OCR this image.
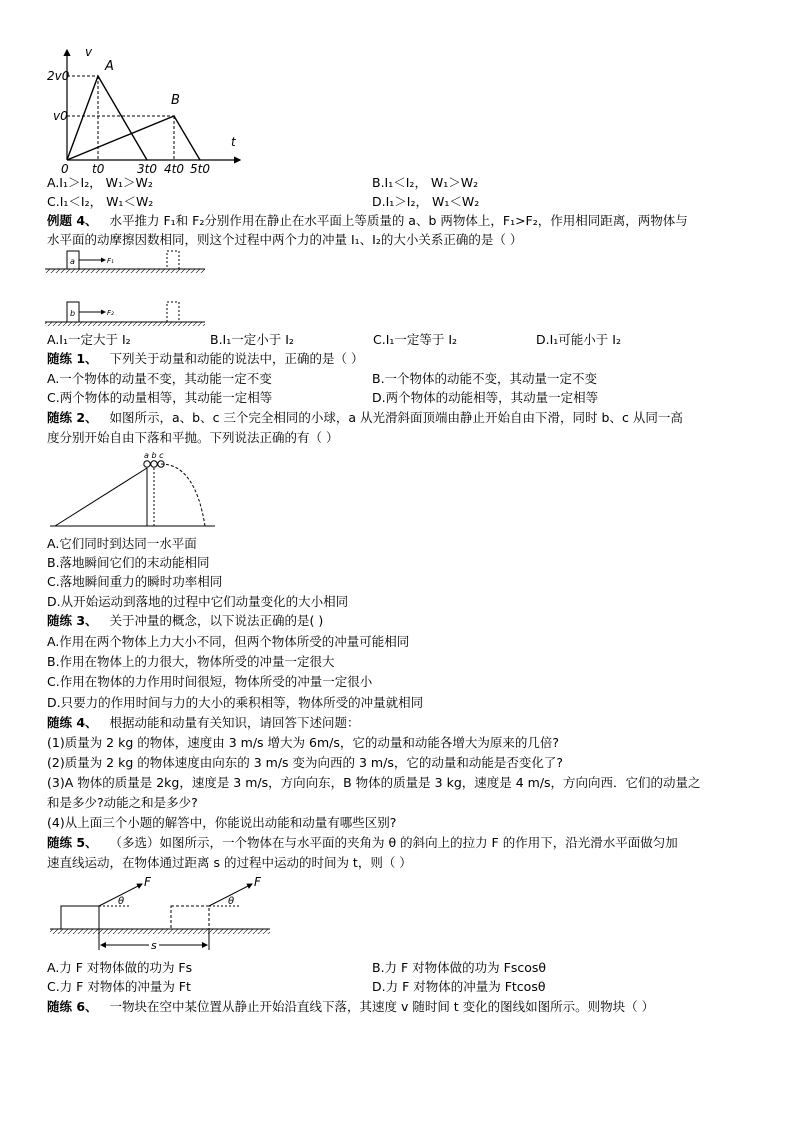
v
t
2v0
v0
A
B
0 t0	3t0 4t0 5t0
A.I₁＞I₂， W₁＞W₂	B.I₁＜I₂， W₁＞W₂
C.I₁＜I₂， W₁＜W₂	D.I₁＞I₂， W₁＜W₂
例题 4、 水平推力 F₁和 F₂分别作用在静止在水平面上等质量的 a、b 两物体上，F₁>F₂，作用相同距离，两物体与
水平面的动摩擦因数相同，则这个过程中两个力的冲量 I₁、I₂的大小关系正确的是（ ）
a	F₁
b	F₂
A.I₁一定大于 I₂	B.I₁一定小于 I₂	C.I₁一定等于 I₂	D.I₁可能小于 I₂
随练 1、 下列关于动量和动能的说法中，正确的是（ ）
A.一个物体的动量不变，其动能一定不变	B.一个物体的动能不变，其动量一定不变
C.两个物体的动量相等，其动能一定相等	D.两个物体的动能相等，其动量一定相等
随练 2、 如图所示，a、b、c 三个完全相同的小球，a 从光滑斜面顶端由静止开始自由下滑，同时 b、c 从同一高
度分别开始自由下落和平抛。下列说法正确的有（ ）
a b c
A.它们同时到达同一水平面
B.落地瞬间它们的末动能相同
C.落地瞬间重力的瞬时功率相同
D.从开始运动到落地的过程中它们动量变化的大小相同
随练 3、 关于冲量的概念，以下说法正确的是( )
A.作用在两个物体上力大小不同，但两个物体所受的冲量可能相同
B.作用在物体上的力很大，物体所受的冲量一定很大
C.作用在物体的力作用时间很短，物体所受的冲量一定很小
D.只要力的作用时间与力的大小的乘积相等，物体所受的冲量就相同
随练 4、 根据动能和动量有关知识，请回答下述问题：
(1)质量为 2 kg 的物体，速度由 3 m/s 增大为 6m/s，它的动量和动能各增大为原来的几倍?
(2)质量为 2 kg 的物体速度由向东的 3 m/s 变为向西的 3 m/s，它的动量和动能是否变化了?
(3)A 物体的质量是 2kg，速度是 3 m/s，方向向东，B 物体的质量是 3 kg，速度是 4 m/s，方向向西．它们的动量之
和是多少?动能之和是多少?
(4)从上面三个小题的解答中，你能说出动能和动量有哪些区别?
随练 5、 （多选）如图所示，一个物体在与水平面的夹角为 θ 的斜向上的拉力 F 的作用下，沿光滑水平面做匀加
速直线运动，在物体通过距离 s 的过程中运动的时间为 t，则（ ）
F
θ
F
θ
s
A.力 F 对物体做的功为 Fs	B.力 F 对物体做的功为 Fscosθ
C.力 F 对物体的冲量为 Ft	D.力 F 对物体的冲量为 Ftcosθ
随练 6、 一物块在空中某位置从静止开始沿直线下落，其速度 v 随时间 t 变化的图线如图所示。则物块（ ）
